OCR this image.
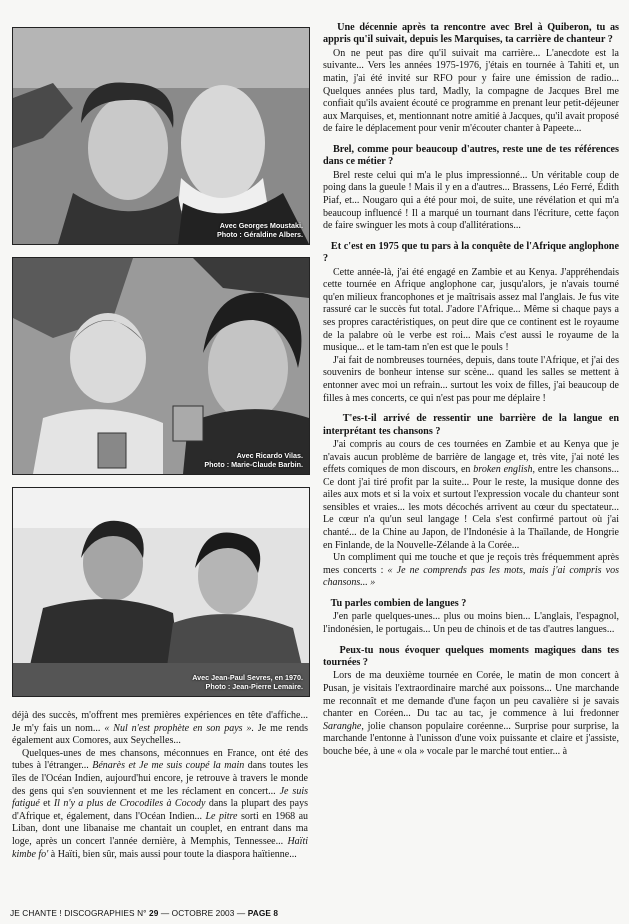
Avec Georges Moustaki.
Photo : Géraldine Albers.
Avec Ricardo Vilas.
Photo : Marie-Claude Barbin.
Avec Jean-Paul Sevres, en 1970.
Photo : Jean-Pierre Lemaire.

déjà des succès, m'offrent mes premières expériences en tête d'affiche... Je m'y fais un nom... « Nul n'est prophète en son pays ». Je me rends également aux Comores, aux Seychelles...

Quelques-unes de mes chansons, méconnues en France, ont été des tubes à l'étranger... Bénarès et Je me suis coupé la main dans toutes les îles de l'Océan Indien, aujourd'hui encore, je retrouve à travers le monde des gens qui s'en souviennent et me les réclament en concert... Je suis fatigué et Il n'y a plus de Crocodiles à Cocody dans la plupart des pays d'Afrique et, également, dans l'Océan Indien... Le pitre sorti en 1968 au Liban, dont une libanaise me chantait un couplet, en entrant dans ma loge, après un concert l'année dernière, à Memphis, Tennessee... Haïti kimbe fo' à Haïti, bien sûr, mais aussi pour toute la diaspora haïtienne...

Une décennie après ta rencontre avec Brel à Quiberon, tu as appris qu'il suivait, depuis les Marquises, ta carrière de chanteur ?

On ne peut pas dire qu'il suivait ma carrière... L'anecdote est la suivante... Vers les années 1975-1976, j'étais en tournée à Tahiti et, un matin, j'ai été invité sur RFO pour y faire une émission de radio... Quelques années plus tard, Madly, la compagne de Jacques Brel me confiait qu'ils avaient écouté ce programme en prenant leur petit-déjeuner aux Marquises, et, mentionnant notre amitié à Jacques, qu'il avait proposé de faire le déplacement pour venir m'écouter chanter à Papeete...

Brel, comme pour beaucoup d'autres, reste une de tes références dans ce métier ?

Brel reste celui qui m'a le plus impressionné... Un véritable coup de poing dans la gueule ! Mais il y en a d'autres... Brassens, Léo Ferré, Édith Piaf, et... Nougaro qui a été pour moi, de suite, une révélation et qui m'a beaucoup influencé ! Il a marqué un tournant dans l'écriture, cette façon de faire swinguer les mots à coup d'allitérations...

Et c'est en 1975 que tu pars à la conquête de l'Afrique anglophone ?

Cette année-là, j'ai été engagé en Zambie et au Kenya. J'appréhendais cette tournée en Afrique anglophone car, jusqu'alors, je n'avais tourné qu'en milieux francophones et je maîtrisais assez mal l'anglais. Je fus vite rassuré car le succès fut total. J'adore l'Afrique... Même si chaque pays a ses propres caractéristiques, on peut dire que ce continent est le royaume de la palabre où le verbe est roi... Mais c'est aussi le royaume de la musique... et le tam-tam n'en est que le pouls !

J'ai fait de nombreuses tournées, depuis, dans toute l'Afrique, et j'ai des souvenirs de bonheur intense sur scène... quand les salles se mettent à entonner avec moi un refrain... surtout les voix de filles, j'ai beaucoup de filles à mes concerts, ce qui n'est pas pour me déplaire !

T'es-t-il arrivé de ressentir une barrière de la langue en interprétant tes chansons ?

J'ai compris au cours de ces tournées en Zambie et au Kenya que je n'avais aucun problème de barrière de langage et, très vite, j'ai noté les effets comiques de mon discours, en broken english, entre les chansons... Ce dont j'ai tiré profit par la suite... Pour le reste, la musique donne des ailes aux mots et si la voix et surtout l'expression vocale du chanteur sont sensibles et vraies... les mots décochés arrivent au cœur du spectateur... Le cœur n'a qu'un seul langage ! Cela s'est confirmé partout où j'ai chanté... de la Chine au Japon, de l'Indonésie à la Thaïlande, de Hongrie en Finlande, de la Nouvelle-Zélande à la Corée...

Un compliment qui me touche et que je reçois très fréquemment après mes concerts : « Je ne comprends pas les mots, mais j'ai compris vos chansons... »

Tu parles combien de langues ?

J'en parle quelques-unes... plus ou moins bien... L'anglais, l'espagnol, l'indonésien, le portugais... Un peu de chinois et de tas d'autres langues...

Peux-tu nous évoquer quelques moments magiques dans tes tournées ?

Lors de ma deuxième tournée en Corée, le matin de mon concert à Pusan, je visitais l'extraordinaire marché aux poissons... Une marchande me reconnaît et me demande d'une façon un peu cavalière si je savais chanter en Coréen... Du tac au tac, je commence à lui fredonner Saranghe, jolie chanson populaire coréenne... Surprise pour surprise, la marchande l'entonne à l'unisson d'une voix puissante et claire et j'assiste, bouche bée, à une « ola » vocale par le marché tout entier... à

JE CHANTE ! DISCOGRAPHIES N° 29 — OCTOBRE 2003 — PAGE 8
